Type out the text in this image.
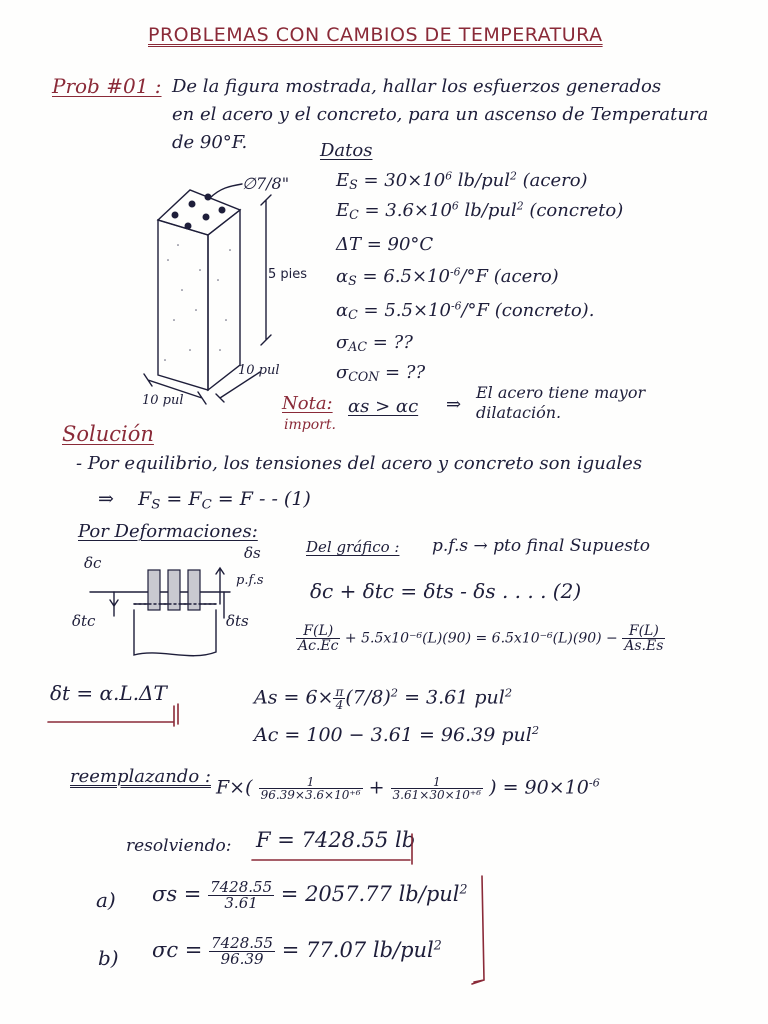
PROBLEMAS CON CAMBIOS DE TEMPERATURA
Prob #01 : De la figura mostrada, hallar los esfuerzos generados
en el acero y el concreto, para un ascenso de Temperatura
de 90°F.	Datos
$E_S = 30\times 10^6$ lb/pul$^2$ (acero)
$E_C = 3.6\times 10^6$ lb/pul$^2$ (concreto)
ΔT = 90°C
$\alpha_S = 6.5\times 10^{-6}/^\circ F$ (acero)
$\alpha_C = 5.5\times 10^{-6}/^\circ F$ (concreto).
$\sigma_{AC}$ = ??
$\sigma_{CON}$ = ??
∅7/8"
5 pies
10 pul
10 pul	Nota:
import.
αs > αc ⇒
El acero tiene mayor
dilatación.
Solución
- Por equilibrio, los tensiones del acero y concreto son iguales
⇒ $F_S = F_C = F$ - - (1)
Por Deformaciones:
δs
δc
p.f.s
δtc	δts
Del gráfico : p.f.s → pto final Supuesto
δc + δtc = δts - δs . . . . (2)
$\frac{F(L)}{Ac.Ec} + 5.5x10^{-6}(L)(90) = 6.5x10^{-6}(L)(90) - \frac{F(L)}{As.Es}$
δt = α.L.ΔT	$As = 6\times \frac{\pi}{4} (7/8)^2 = 3.61$ pul$^2$
Ac = 100 − 3.61 = 96.39 pul$^2$
reemplazando : $F\times( \frac{1}{\text{96.39×3.6×10⁺⁶}} + \frac{1}{\text{3.61×30×10⁺⁶}}$ ) = $90\times 10^{-6}$
resolviendo: F = 7428.55 lb
a) $\sigma s = \frac{7428.55}{3.61} = 2057.77$ lb/pul$^2$
b) $\sigma c = \frac{7428.55}{96.39} = 77.07$ lb/pul$^2$
